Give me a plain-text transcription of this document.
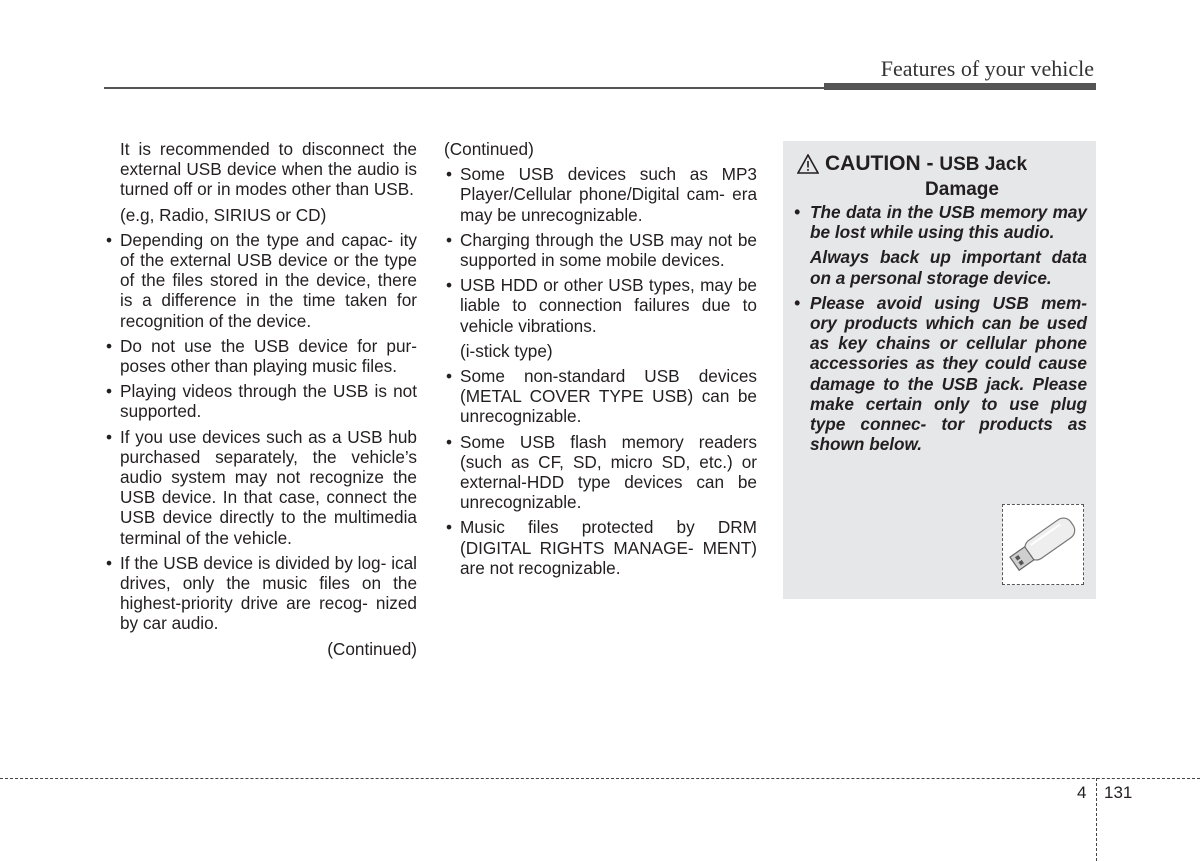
Features of your vehicle
It is recommended to disconnect the external USB device when the audio is turned off or in modes other than USB.
(e.g, Radio, SIRIUS or CD)
• Depending on the type and capac- ity of the external USB device or the type of the files stored in the device, there is a difference in the time taken for recognition of the device.
• Do not use the USB device for pur- poses other than playing music files.
• Playing videos through the USB is not supported.
• If you use devices such as a USB hub purchased separately, the vehicle’s audio system may not recognize the USB device. In that case, connect the USB device directly to the multimedia terminal of the vehicle.
• If the USB device is divided by log- ical drives, only the music files on the highest-priority drive are recog- nized by car audio.
(Continued)
(Continued)
• Some USB devices such as MP3 Player/Cellular phone/Digital cam- era may be unrecognizable.
• Charging through the USB may not be supported in some mobile devices.
• USB HDD or other USB types, may be liable to connection failures due to vehicle vibrations.
(i-stick type)
• Some non-standard USB devices (METAL COVER TYPE USB) can be unrecognizable.
• Some USB flash memory readers (such as CF, SD, micro SD, etc.) or external-HDD type devices can be unrecognizable.
• Music files protected by DRM (DIGITAL RIGHTS MANAGE- MENT) are not recognizable.
CAUTION - USB Jack
Damage
• The data in the USB memory may be lost while using this audio.
Always back up important data on a personal storage device.
• Please avoid using USB mem- ory products which can be used as key chains or cellular phone accessories as they could cause damage to the USB jack. Please make certain only to use plug type connec- tor products as shown below.
4 131
